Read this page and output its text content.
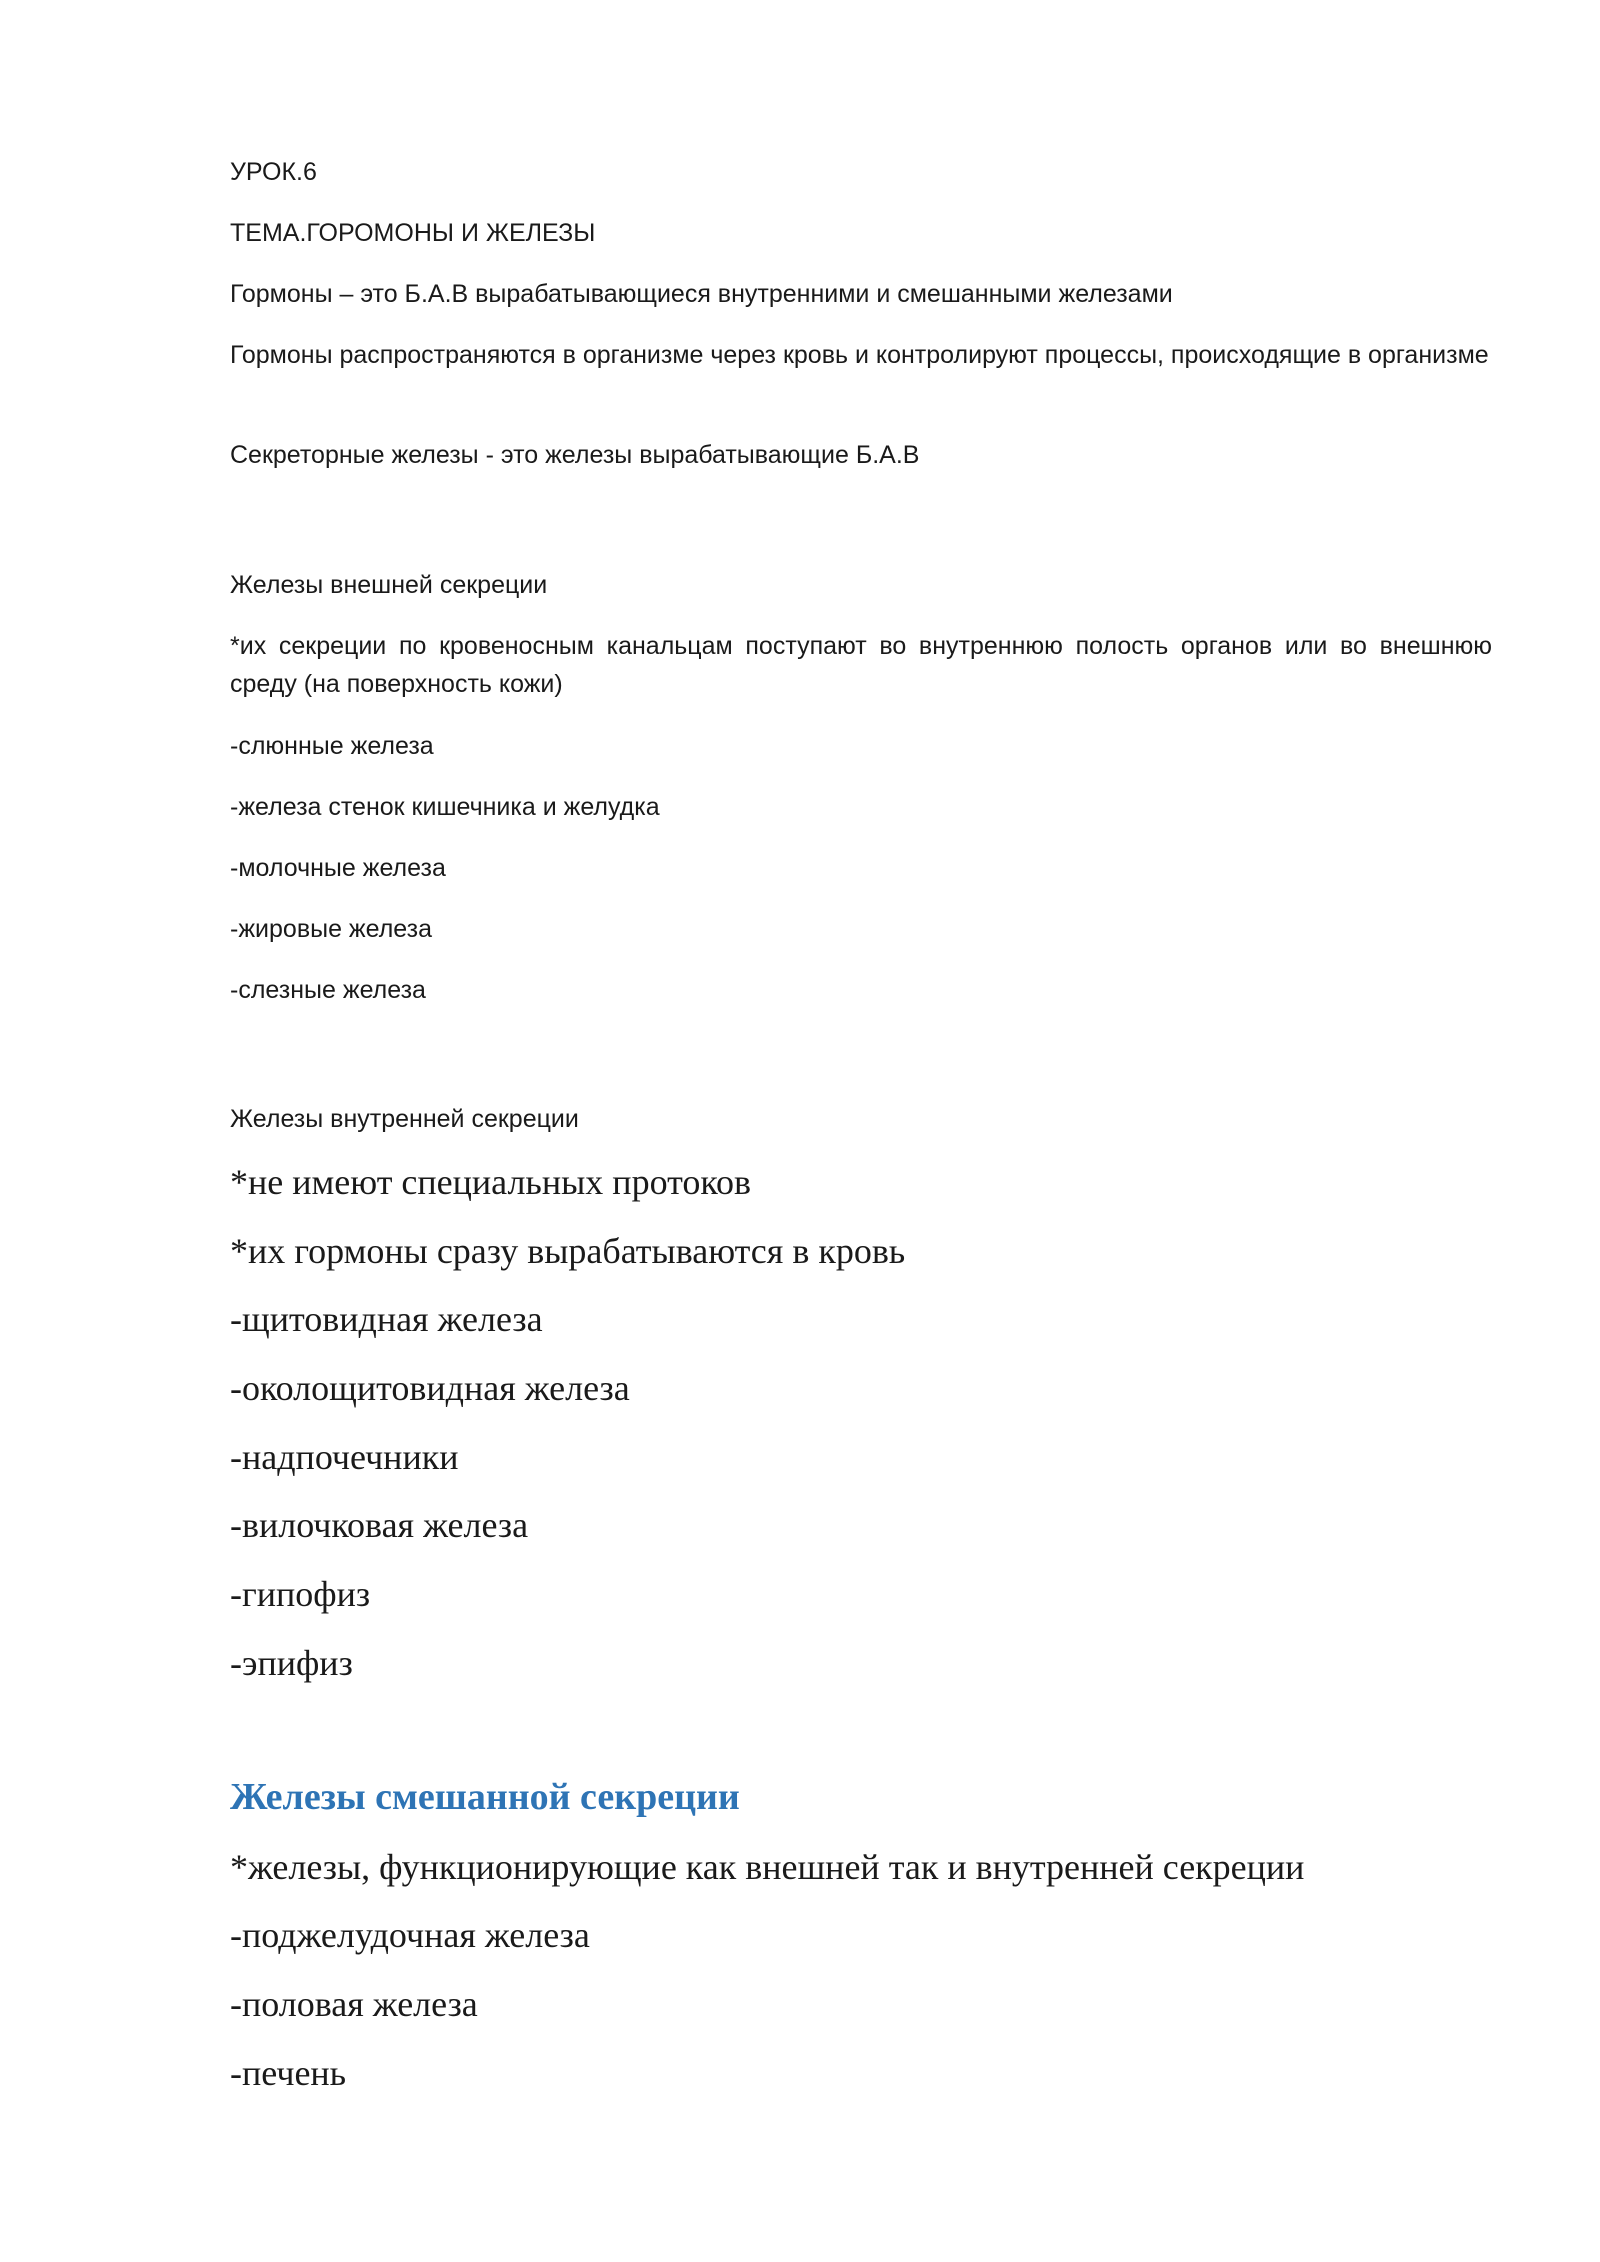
УРОК.6

ТЕМА.ГОРОМОНЫ И ЖЕЛЕЗЫ

Гормоны – это Б.А.В вырабатывающиеся внутренними и смешанными железами

Гормоны распространяются в организме через кровь и контролируют процессы, происходящие в организме

Секреторные железы - это железы вырабатывающие Б.А.В

Железы внешней секреции

*их секреции по кровеносным канальцам поступают во внутреннюю полость органов или во внешнюю среду (на поверхность кожи)

-слюнные железа

-железа стенок кишечника и желудка

-молочные железа

-жировые железа

-слезные железа

Железы внутренней секреции

*не имеют специальных протоков

*их гормоны сразу вырабатываются в кровь

-щитовидная железа

-околощитовидная железа

-надпочечники

-вилочковая железа

-гипофиз

-эпифиз

Железы смешанной секреции

*железы, функционирующие как внешней так и внутренней секреции

-поджелудочная железа

-половая железа

-печень
